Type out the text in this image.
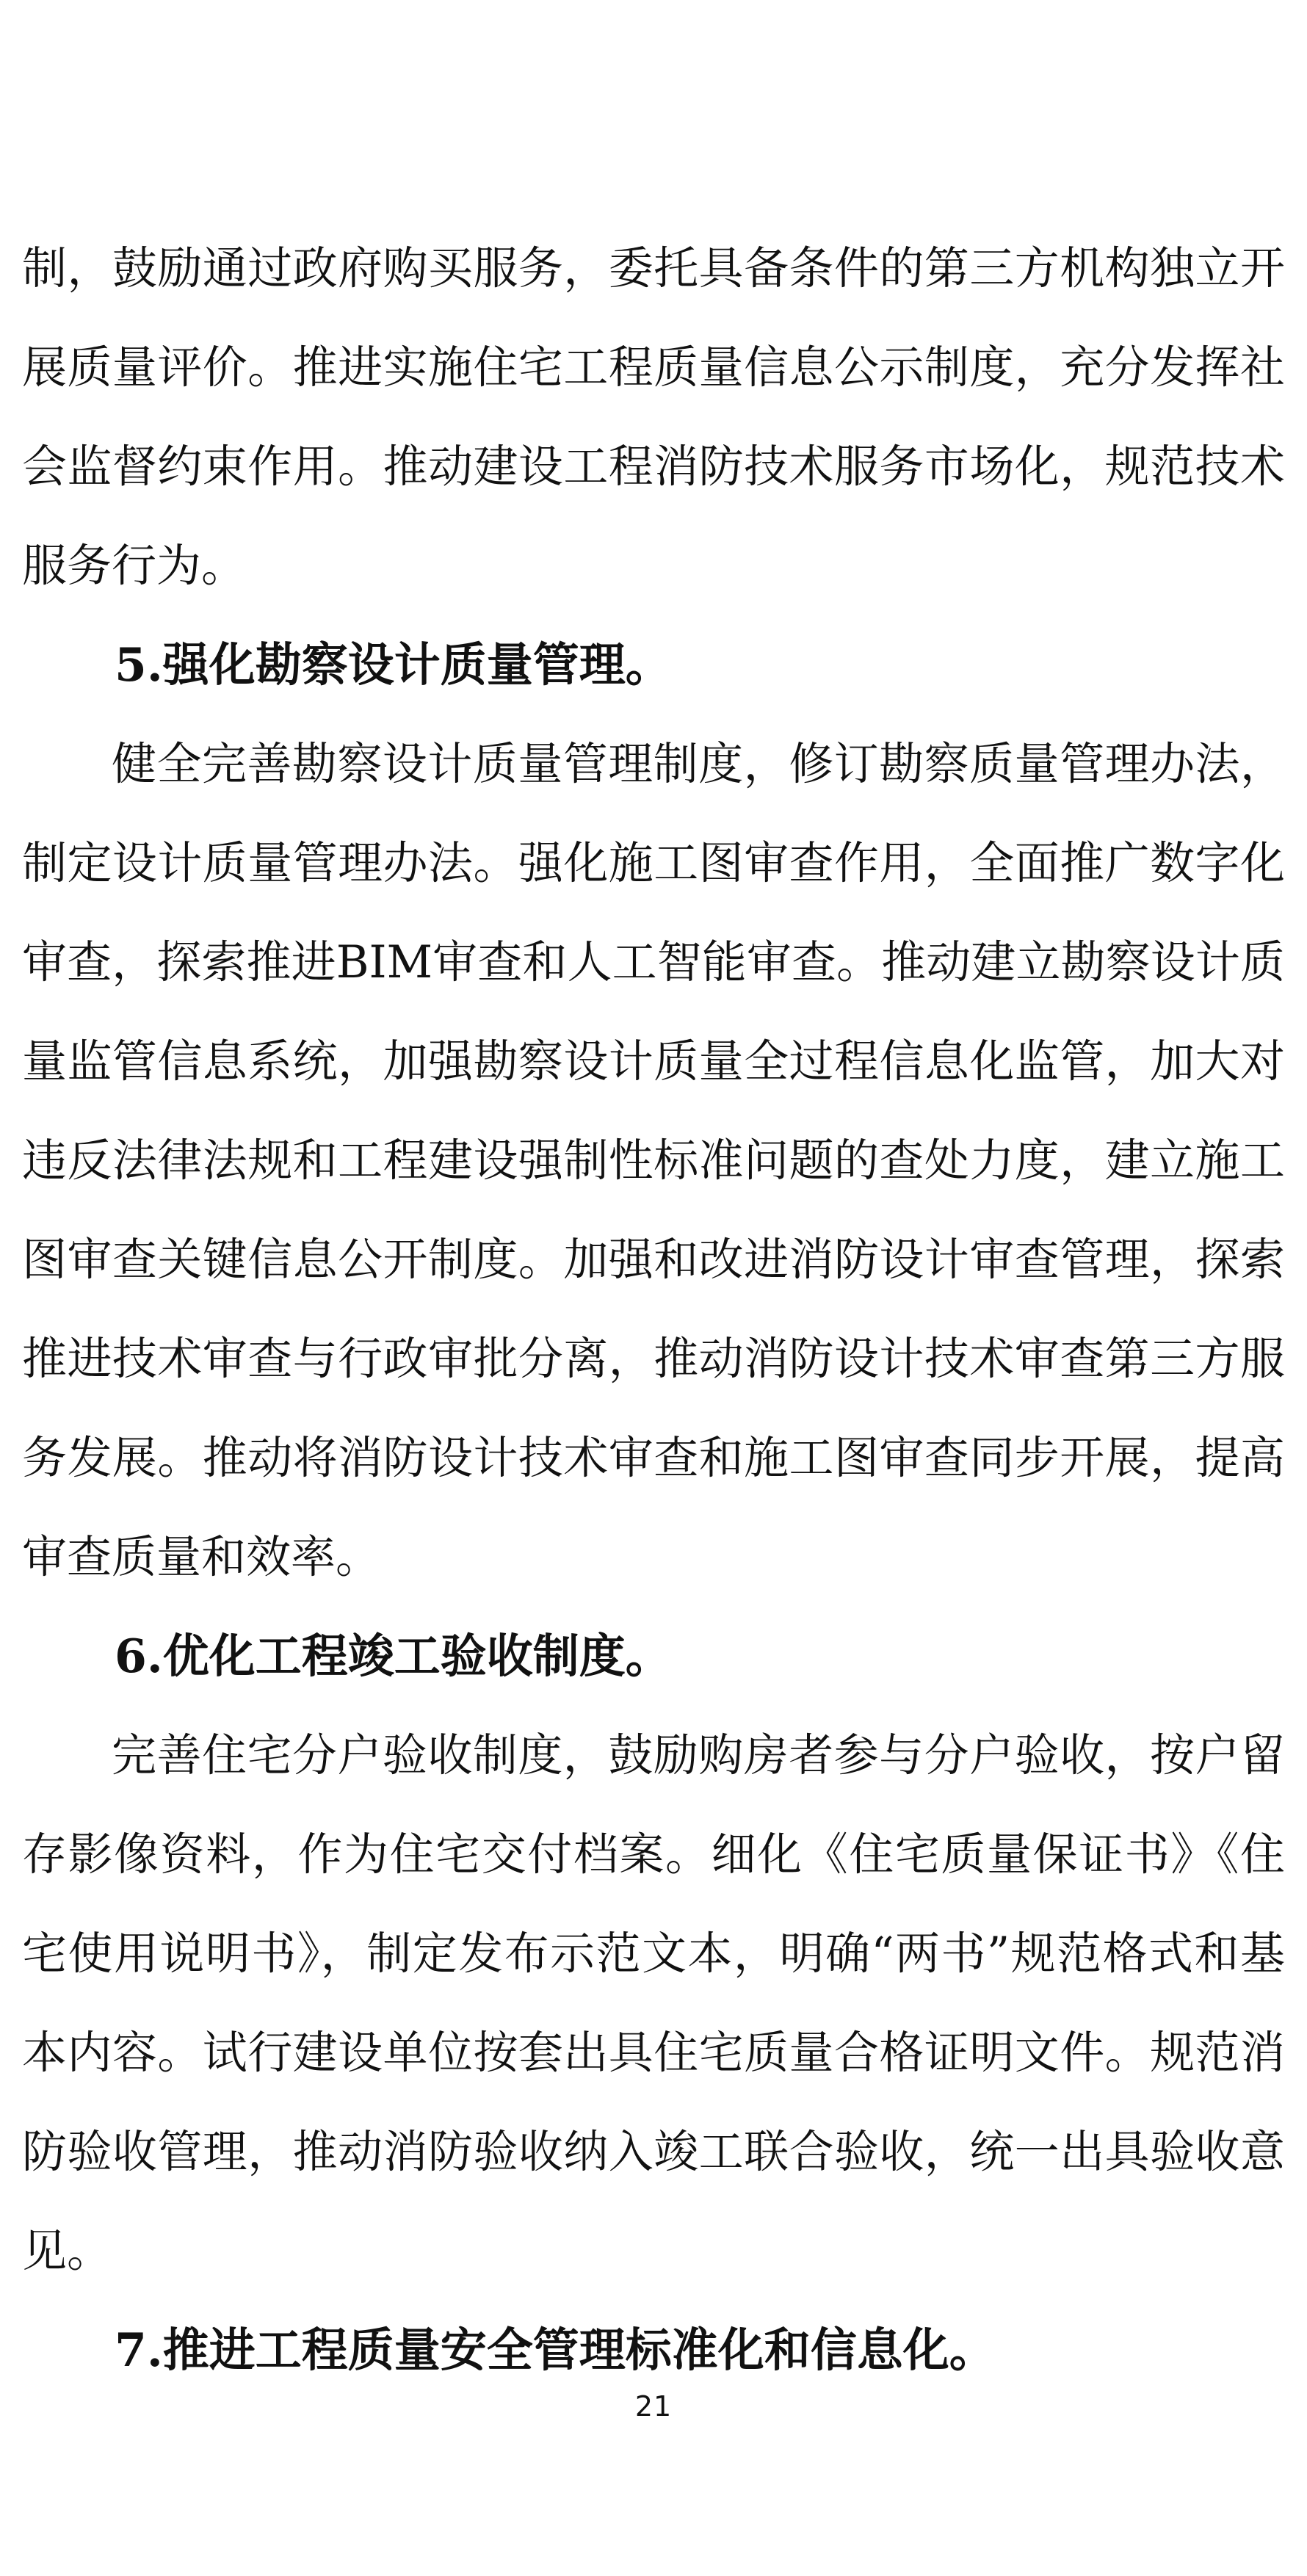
制，鼓励通过政府购买服务，委托具备条件的第三方机构独立开展质量评价。推进实施住宅工程质量信息公示制度，充分发挥社会监督约束作用。推动建设工程消防技术服务市场化，规范技术服务行为。

5.强化勘察设计质量管理。

健全完善勘察设计质量管理制度，修订勘察质量管理办法，制定设计质量管理办法。强化施工图审查作用，全面推广数字化审查，探索推进BIM审查和人工智能审查。推动建立勘察设计质量监管信息系统，加强勘察设计质量全过程信息化监管，加大对违反法律法规和工程建设强制性标准问题的查处力度，建立施工图审查关键信息公开制度。加强和改进消防设计审查管理，探索推进技术审查与行政审批分离，推动消防设计技术审查第三方服务发展。推动将消防设计技术审查和施工图审查同步开展，提高审查质量和效率。

6.优化工程竣工验收制度。

完善住宅分户验收制度，鼓励购房者参与分户验收，按户留存影像资料，作为住宅交付档案。细化《住宅质量保证书》《住宅使用说明书》，制定发布示范文本，明确“两书”规范格式和基本内容。试行建设单位按套出具住宅质量合格证明文件。规范消防验收管理，推动消防验收纳入竣工联合验收，统一出具验收意见。

7.推进工程质量安全管理标准化和信息化。

21
